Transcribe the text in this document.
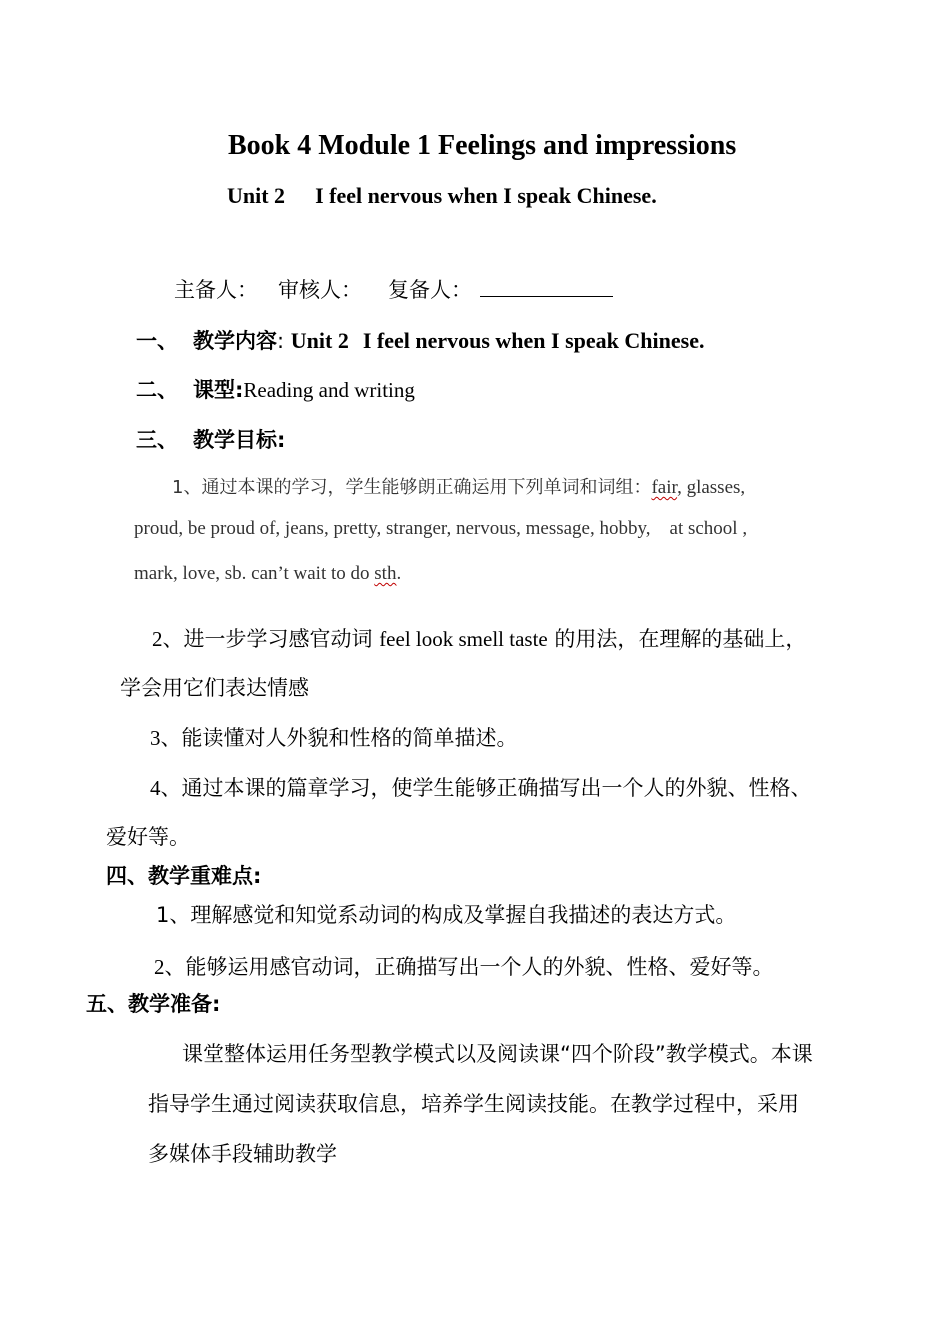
Book 4 Module 1 Feelings and impressions
Unit 2 I feel nervous when I speak Chinese.
主备人： 审核人： 复备人：
一、 教学内容: Unit 2 I feel nervous when I speak Chinese.
二、 课型:Reading and writing
三、 教学目标:
1、通过本课的学习，学生能够朗正确运用下列单词和词组：fair, glasses,
proud, be proud of, jeans, pretty, stranger, nervous, message, hobby,    at school ,
mark, love, sb. can’t wait to do sth.
2、进一步学习感官动词 feel look smell taste 的用法，在理解的基础上，
学会用它们表达情感
3、能读懂对人外貌和性格的简单描述。
4、通过本课的篇章学习，使学生能够正确描写出一个人的外貌、性格、
爱好等。
四、教学重难点:
1、理解感觉和知觉系动词的构成及掌握自我描述的表达方式。
2、能够运用感官动词，正确描写出一个人的外貌、性格、爱好等。
五、教学准备:
课堂整体运用任务型教学模式以及阅读课“四个阶段”教学模式。本课
指导学生通过阅读获取信息，培养学生阅读技能。在教学过程中，采用
多媒体手段辅助教学
